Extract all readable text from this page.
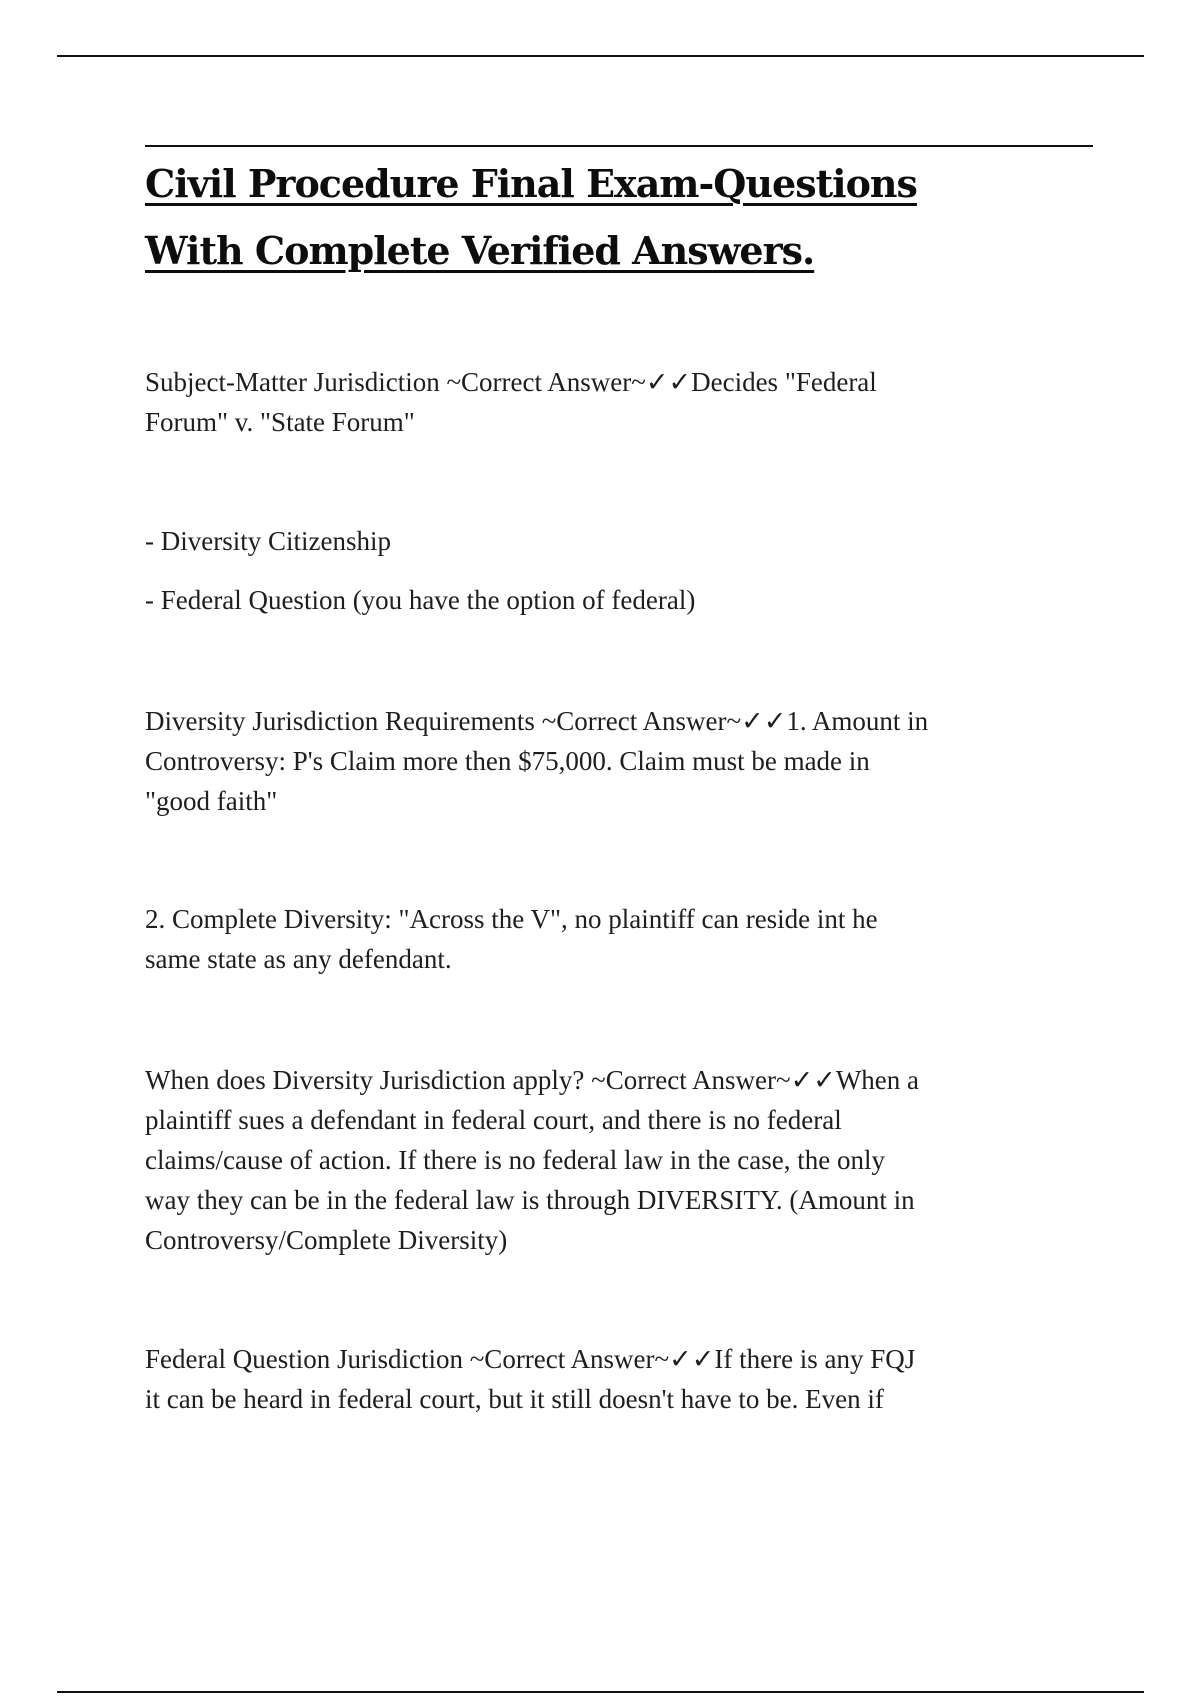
Civil Procedure Final Exam-Questions
With Complete Verified Answers.
Subject-Matter Jurisdiction ~Correct Answer~✓✓Decides "Federal
Forum" v. "State Forum"
- Diversity Citizenship
- Federal Question (you have the option of federal)
Diversity Jurisdiction Requirements ~Correct Answer~✓✓1. Amount in
Controversy: P's Claim more then $75,000. Claim must be made in
"good faith"
2. Complete Diversity: "Across the V", no plaintiff can reside int he
same state as any defendant.
When does Diversity Jurisdiction apply? ~Correct Answer~✓✓When a
plaintiff sues a defendant in federal court, and there is no federal
claims/cause of action. If there is no federal law in the case, the only
way they can be in the federal law is through DIVERSITY. (Amount in
Controversy/Complete Diversity)
Federal Question Jurisdiction ~Correct Answer~✓✓If there is any FQJ
it can be heard in federal court, but it still doesn't have to be. Even if
